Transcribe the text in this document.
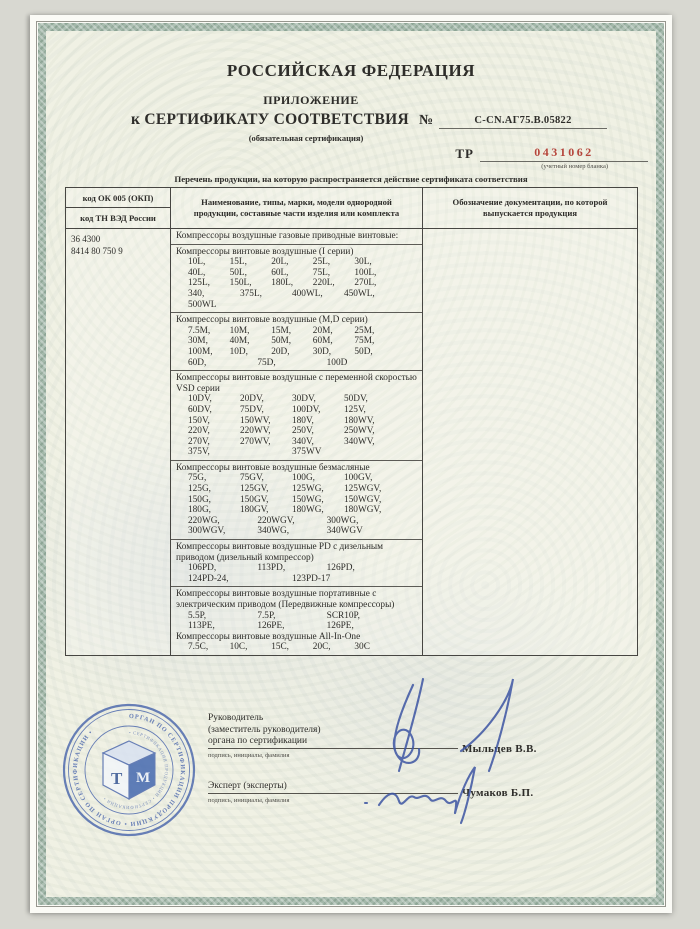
РОССИЙСКАЯ ФЕДЕРАЦИЯ
ПРИЛОЖЕНИЕ
к СЕРТИФИКАТУ СООТВЕТСТВИЯ №	C-CN.АГ75.В.05822
(обязательная сертификация)
ТР	0431062
(учетный номер бланка)
Перечень продукции, на которую распространяется действие сертификата соответствия
код ОК 005 (ОКП)
код ТН ВЭД России
Наименование, типы, марки, модели однородной продукции, составные части изделия или комплекта
Обозначение документации, по которой выпускается продукция
36 4300
8414 80 750 9
Компрессоры воздушные газовые приводные винтовые:
Компрессоры винтовые воздушные (I серии)
10L,	15L,	20L,	25L,	30L,
40L,	50L,	60L,	75L,	100L,
125L,	150L,	180L,	220L,	270L,
340,	375L,	400WL,	450WL,
500WL
Компрессоры винтовые воздушные (M,D серии)
7.5M,	10M,	15M,	20M,	25M,
30M,	40M,	50M,	60M,	75M,
100M,	10D,	20D,	30D,	50D,
60D,	75D,	100D
Компрессоры винтовые воздушные с переменной скоростью VSD серии
10DV,	20DV,	30DV,	50DV,
60DV,	75DV,	100DV,	125V,
150V,	150WV,	180V,	180WV,
220V,	220WV,	250V,	250WV,
270V,	270WV,	340V,	340WV,
375V,	375WV
Компрессоры винтовые воздушные безмасляные
75G,	75GV,	100G,	100GV,
125G,	125GV,	125WG,	125WGV,
150G,	150GV,	150WG,	150WGV,
180G,	180GV,	180WG,	180WGV,
220WG,	220WGV,	300WG,
300WGV,	340WG,	340WGV
Компрессоры винтовые воздушные PD с дизельным приводом (дизельный компрессор)
106PD,	113PD,	126PD,
124PD-24,	123PD-17
Компрессоры винтовые воздушные портативные с электрическим приводом (Передвижные компрессоры)
5.5P,	7.5P,	SCR10P,
113PE,	126PE,	126PE,
Компрессоры винтовые воздушные All-In-One
7.5C,	10C,	15C,	20C,	30C
ОРГАН ПО СЕРТИФИКАЦИИ ПРОДУКЦИИ • ОРГАН ПО СЕРТИФИКАЦИИ •	• СЕРТИФИКАЦИЯ ПРОДУКЦИИ • СЕРТИФИКАЦИЯ •
Т М
Руководитель
(заместитель руководителя)
органа по сертификации
подпись, инициалы, фамилия	Мыльцев В.В.
Эксперт (эксперты)
подпись, инициалы, фамилия
Чумаков Б.П.
